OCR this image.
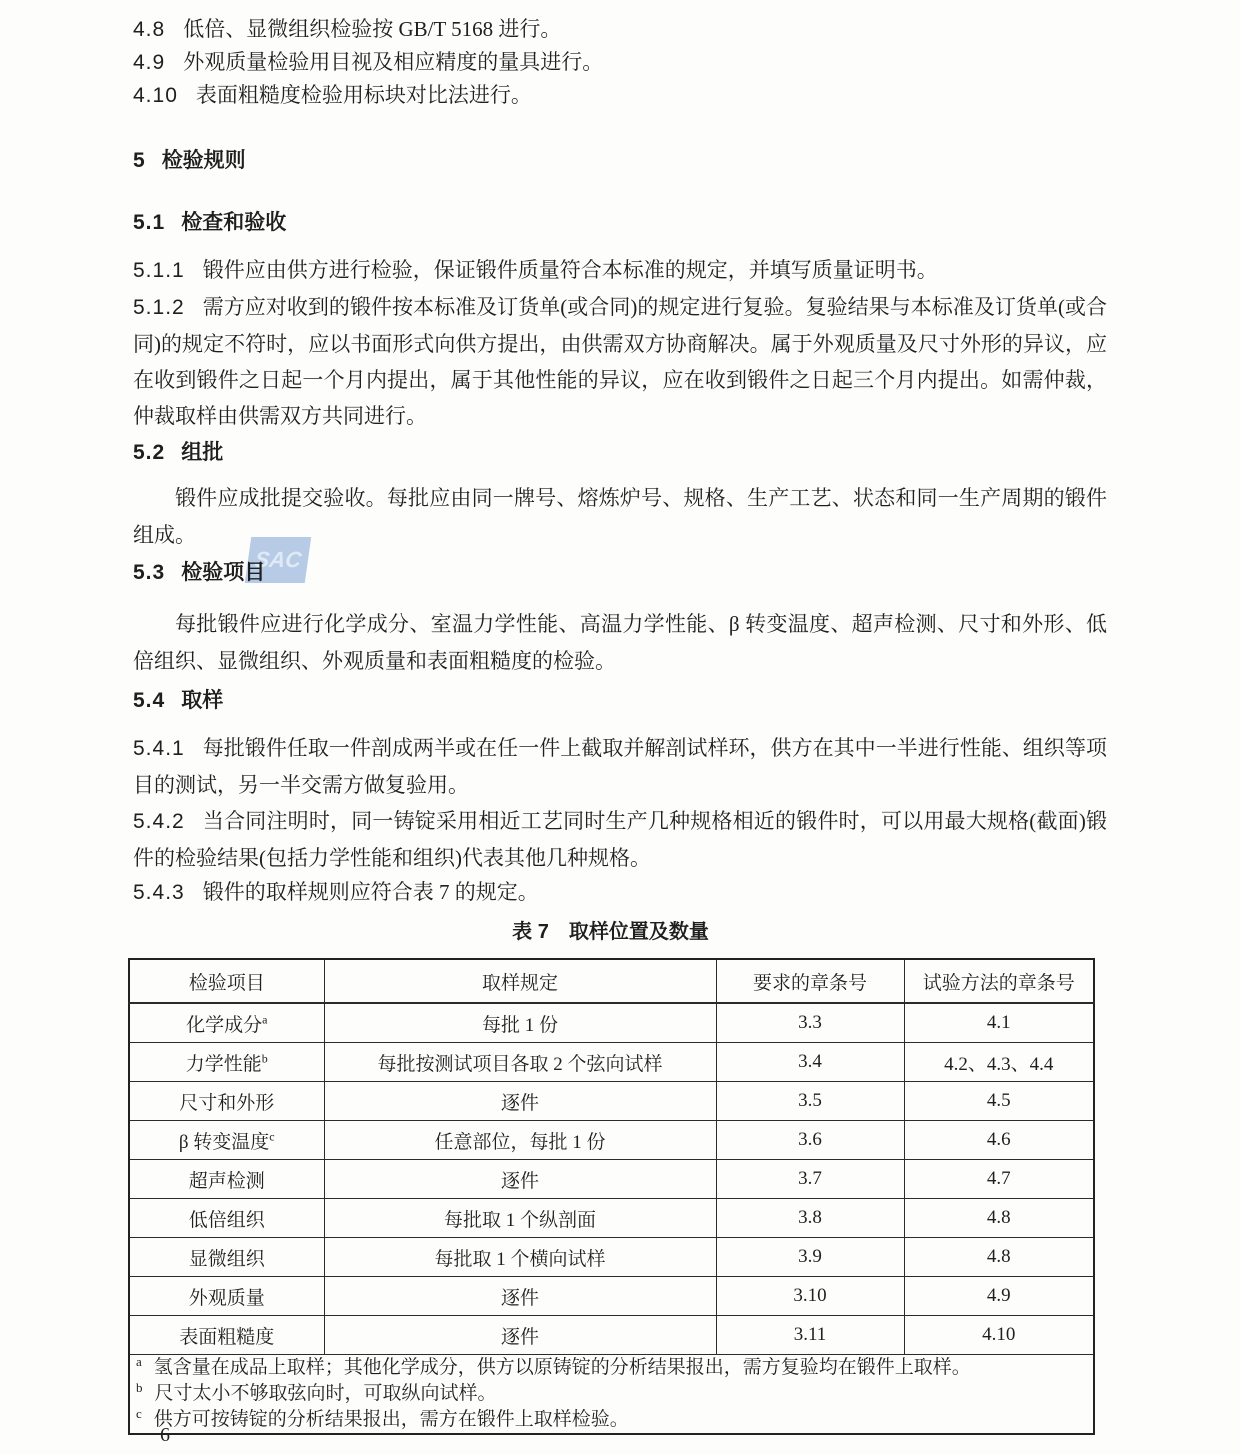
SAC

4.8 低倍、显微组织检验按 GB/T 5168 进行。

4.9 外观质量检验用目视及相应精度的量具进行。

4.10 表面粗糙度检验用标块对比法进行。

5 检验规则
5.1 检查和验收

5.1.1 锻件应由供方进行检验，保证锻件质量符合本标准的规定，并填写质量证明书。

5.1.2 需方应对收到的锻件按本标准及订货单(或合同)的规定进行复验。复验结果与本标准及订货单(或合同)的规定不符时，应以书面形式向供方提出，由供需双方协商解决。属于外观质量及尺寸外形的异议，应在收到锻件之日起一个月内提出，属于其他性能的异议，应在收到锻件之日起三个月内提出。如需仲裁，仲裁取样由供需双方共同进行。

5.2 组批

锻件应成批提交验收。每批应由同一牌号、熔炼炉号、规格、生产工艺、状态和同一生产周期的锻件组成。

5.3 检验项目

每批锻件应进行化学成分、室温力学性能、高温力学性能、β 转变温度、超声检测、尺寸和外形、低倍组织、显微组织、外观质量和表面粗糙度的检验。

5.4 取样

5.4.1 每批锻件任取一件剖成两半或在任一件上截取并解剖试样环，供方在其中一半进行性能、组织等项目的测试，另一半交需方做复验用。

5.4.2 当合同注明时，同一铸锭采用相近工艺同时生产几种规格相近的锻件时，可以用最大规格(截面)锻件的检验结果(包括力学性能和组织)代表其他几种规格。

5.4.3 锻件的取样规则应符合表 7 的规定。

表 7　取样位置及数量
检验项目	取样规定	要求的章条号	试验方法的章条号
化学成分$^a$	每批 1 份	3.3	4.1
力学性能$^b$	每批按测试项目各取 2 个弦向试样	3.4	4.2、4.3、4.4
尺寸和外形	逐件	3.5	4.5
β 转变温度$^c$	任意部位，每批 1 份	3.6	4.6
超声检测	逐件	3.7	4.7
低倍组织	每批取 1 个纵剖面	3.8	4.8
显微组织	每批取 1 个横向试样	3.9	4.8
外观质量	逐件	3.10	4.9
表面粗糙度	逐件	3.11	4.10

$^a$ 氢含量在成品上取样；其他化学成分，供方以原铸锭的分析结果报出，需方复验均在锻件上取样。

$^b$ 尺寸太小不够取弦向时，可取纵向试样。

$^c$ 供方可按铸锭的分析结果报出，需方在锻件上取样检验。			

6
